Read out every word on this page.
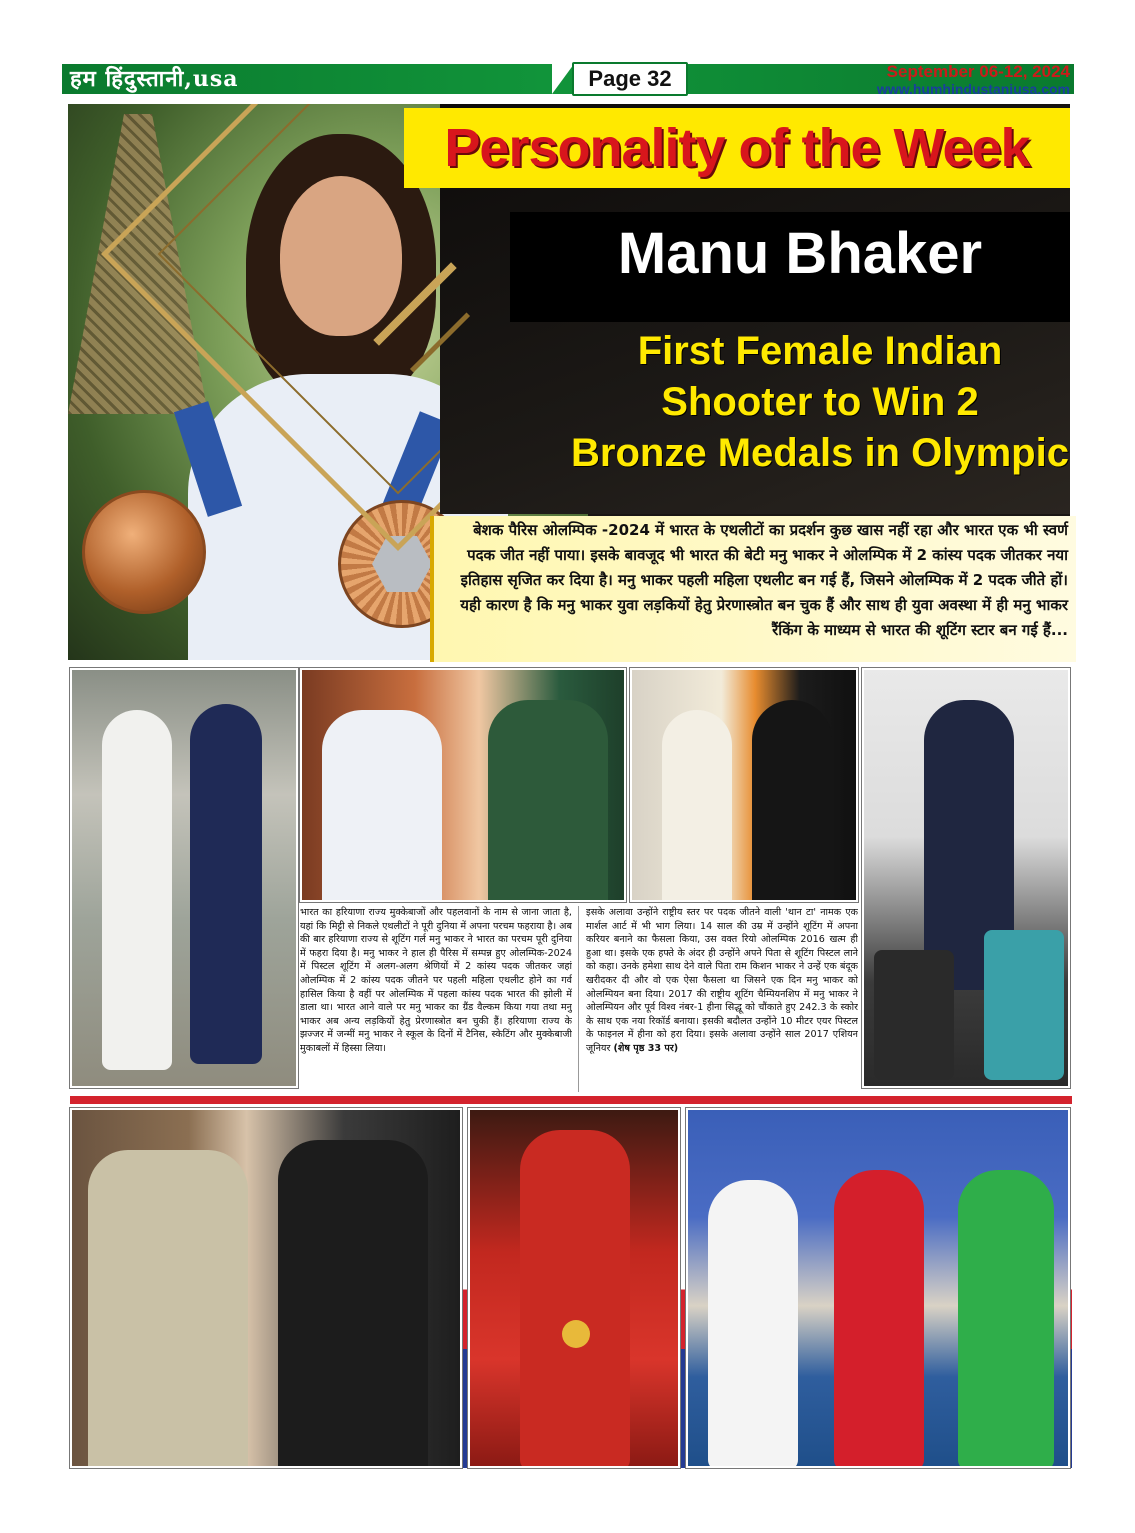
हम हिंदुस्तानी,usa	Page 32	September 06-12, 2024
www.humhindustaniusa.com
Personality of the Week
Manu Bhaker
First Female Indian
Shooter to Win 2
Bronze Medals in Olympic
बेशक पैरिस ओलम्पिक -2024 में भारत के एथलीटों का प्रदर्शन कुछ खास नहीं रहा और भारत एक भी स्वर्ण पदक जीत नहीं पाया। इसके बावजूद भी भारत की बेटी मनु भाकर ने ओलम्पिक में 2 कांस्य पदक जीतकर नया इतिहास सृजित कर दिया है। मनु भाकर पहली महिला एथलीट बन गई हैं, जिसने ओलम्पिक में 2 पदक जीते हों। यही कारण है कि मनु भाकर युवा लड़कियों हेतु प्रेरणास्त्रोत बन चुक हैं और साथ ही युवा अवस्था में ही मनु भाकर रैंकिंग के माध्यम से भारत की शूटिंग स्टार बन गई हैं...
भारत का हरियाणा राज्य मुक्केबाजों और पहलवानों के नाम से जाना जाता है, यहां कि मिट्टी से निकले एथलीटों ने पूरी दुनिया में अपना परचम फहराया है। अब की बार हरियाणा राज्य से शूटिंग गर्ल मनु भाकर ने भारत का परचम पूरी दुनिया में फहरा दिया है। मनु भाकर ने हाल ही पैरिस में सम्पन्न हुए ओलम्पिक-2024 में पिस्टल शूटिंग में अलग-अलग श्रेणियों में 2 कांस्य पदक जीतकर जहां ओलम्पिक में 2 कांस्य पदक जीतने पर पहली महिला एथलीट होने का गर्व हासिल किया है वहीं पर ओलम्पिक में पहला कांस्य पदक भारत की झोली में डाला था। भारत आने वाले पर मनु भाकर का ग्रैंड वैल्कम किया गया तथा मनु भाकर अब अन्य लड़कियों हेतु प्रेरणास्त्रोत बन चुकी हैं। हरियाणा राज्य के झज्जर में जन्मीं मनु भाकर ने स्कूल के दिनों में टैनिस, स्केटिंग और मुक्केबाजी मुकाबलों में हिस्सा लिया।
इसके अलावा उन्होंने राष्ट्रीय स्तर पर पदक जीतने वाली 'थान टा' नामक एक मार्शल आर्ट में भी भाग लिया। 14 साल की उम्र में उन्होंने शूटिंग में अपना करियर बनाने का फैसला किया, उस वक्त रियो ओलम्पिक 2016 खत्म ही हुआ था। इसके एक हफ्ते के अंदर ही उन्होंने अपने पिता से शूटिंग पिस्टल लाने को कहा। उनके हमेशा साथ देने वाले पिता राम किशन भाकर ने उन्हें एक बंदूक खरीदकर दी और वो एक ऐसा फैसला था जिसने एक दिन मनु भाकर को ओलम्पियन बना दिया। 2017 की राष्ट्रीय शूटिंग चैम्पियनशिप में मनु भाकर ने ओलम्पियन और पूर्व विश्व नंबर-1 हीना सिद्धू को चौंकाते हुए 242.3 के स्कोर के साथ एक नया रिकॉर्ड बनाया। इसकी बदौलत उन्होंने 10 मीटर एयर पिस्टल के फाइनल में हीना को हरा दिया। इसके अलावा उन्होंने साल 2017 एशियन जूनियर (शेष पृष्ठ 33 पर)
